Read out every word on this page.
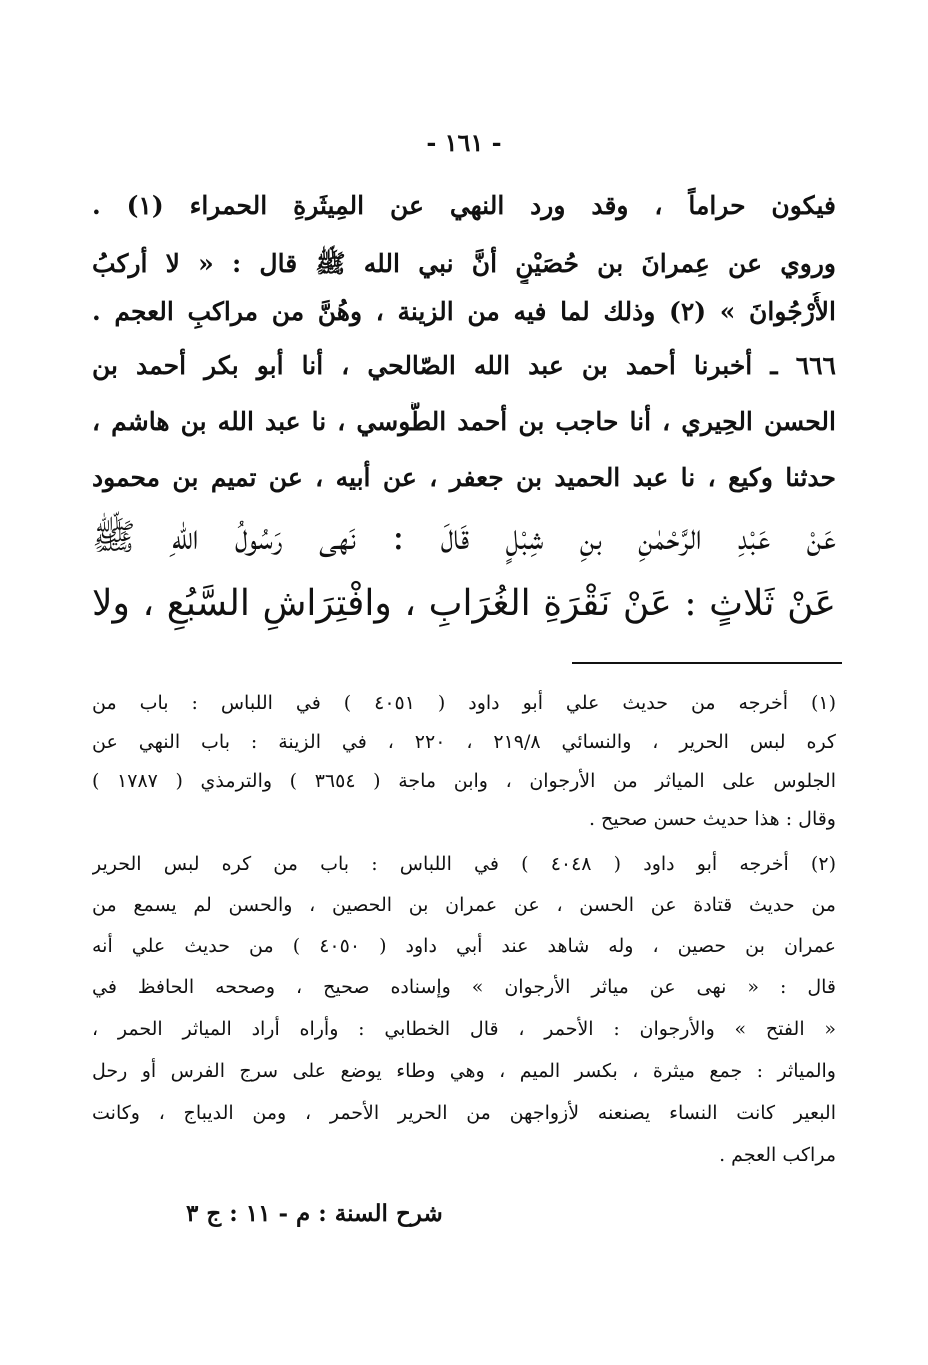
- ١٦١ -
فيكون حراماً ، وقد ورد النهي عن المِيثَرةِ الحمراء (١) .
وروي عن عِمرانَ بن حُصَيْنٍ أنَّ نبي الله ﷺ قال : « لا أركبُ
الأُرْجُوانَ » (٢) وذلك لما فيه من الزينة ، وهُنَّ من مراكبِ العجم .
٦٦٦ ـ أخبرنا أحمد بن عبد الله الصّالحي ، أنا أبو بكر أحمد بن
الحسن الحِيري ، أنا حاجب بن أحمد الطُّوسي ، نا عبد الله بن هاشم ،
حدثنا وكيع ، نا عبد الحميد بن جعفر ، عن أبيه ، عن تميم بن محمود
عَنْ عَبْدِ الرَّحْمٰنِ بنِ شِبْلٍ قَالَ : نَهى رَسُولُ اللهِ ﷺ
عَنْ ثَلاثٍ : عَنْ نَقْرَةِ الغُرَابِ ، وافْتِرَاشِ السَّبُعِ ، ولا
(١) أخرجه من حديث علي أبو داود ( ٤٠٥١ ) في اللباس : باب من
كره لبس الحرير ، والنسائي ٢١٩/٨ ، ٢٢٠ ، في الزينة : باب النهي عن
الجلوس على المياثر من الأرجوان ، وابن ماجة ( ٣٦٥٤ ) والترمذي ( ١٧٨٧ )
وقال : هذا حديث حسن صحيح .
(٢) أخرجه أبو داود ( ٤٠٤٨ ) في اللباس : باب من كره لبس الحرير
من حديث قتادة عن الحسن ، عن عمران بن الحصين ، والحسن لم يسمع من
عمران بن حصين ، وله شاهد عند أبي داود ( ٤٠٥٠ ) من حديث علي أنه
قال : « نهى عن مياثر الأرجوان » وإسناده صحيح ، وصححه الحافظ في
« الفتح » والأرجوان : الأحمر ، قال الخطابي : وأراه أراد المياثر الحمر ،
والمياثر : جمع ميثرة ، بكسر الميم ، وهي وطاء يوضع على سرج الفرس أو رحل
البعير كانت النساء يصنعنه لأزواجهن من الحرير الأحمر ، ومن الديباج ، وكانت
مراكب العجم .
شرح السنة : م - ١١ : ج ٣
